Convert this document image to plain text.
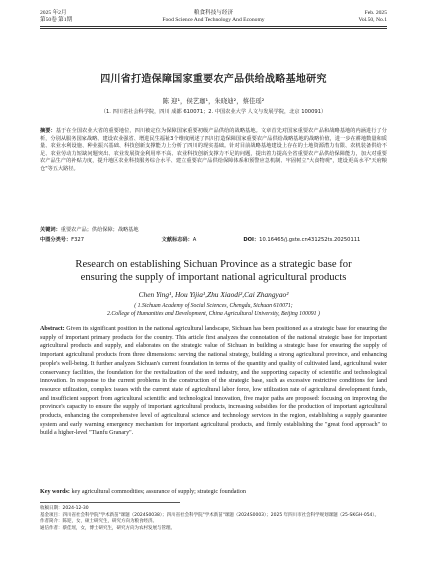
2025 年2月
第50卷 第1期
粮食科技与经济
Food Science And Technology And Economy
Feb. 2025
Vol.50, No.1
四川省打造保障国家重要农产品供给战略基地研究
陈 迎¹，侯艺珈¹，朱晓迪²，蔡佳瑶²
（1. 四川省社会科学院，四川 成都 610071；2. 中国农业大学 人文与发展学院，北京 100091）
摘要：基于在全国农业大省的重要地位，四川被定位为保障国家重要初级产品供给的战略基地。文章首先对国家重要农产品和战略基地的内涵进行了分析，分别从服务国家战略、建设农业强省、增进民生福祉3个维度阐述了四川打造保障国家重要农产品供给战略基地的战略价值，进一步在耕地数量和质量、农业水利设施、种业振兴基础、科技创新支撑能力上分析了四川的现实基础。针对目前战略基地建设上存在的土地资源潜力有限、农机装备供给不足、农业劳动力短缺问题突出、农业发展资金利用率不高、农业科技创新支撑力不足的问题，提出着力提高全省重要农产品供给保障能力，加大对重要农产品生产的补贴力度，提升地区农业科技服务综合水平、建立重要农产品供给保障体系和预警应急机制、牢固树立"大食物观"，建设更高水平"天府粮仓"等五大路径。
关键词：重要农产品；供给保障；战略基地
中图分类号：F327	文献标志码：A	DOI：10.16465/j.gste.cn431252ts.20250111
Research on establishing Sichuan Province as a strategic base for
ensuring the supply of important national agricultural products
Chen Ying¹, Hou Yijia¹,Zhu Xiaodi²,Cai Zhangyao²
( 1.Sichuan Academy of Social Sciences, Chengdu, Sichuan 610071;
2.College of Humanities and Development, China Agricultural University, Beijing 100091 )
Abstract: Given its significant position in the national agricultural landscape, Sichuan has been positioned as a strategic base for ensuring the supply of important primary products for the country. This article first analyzes the connotation of the national strategic base for important agricultural products and supply, and elaborates on the strategic value of Sichuan in building a strategic base for ensuring the supply of important agricultural products from three dimensions: serving the national strategy, building a strong agricultural province, and enhancing people's well-being. It further analyzes Sichuan's current foundation in terms of the quantity and quality of cultivated land, agricultural water conservancy facilities, the foundation for the revitalization of the seed industry, and the supporting capacity of scientific and technological innovation. In response to the current problems in the construction of the strategic base, such as excessive restrictive conditions for land resource utilization, complex issues with the current state of agricultural labor force, low utilization rate of agricultural development funds, and insufficient support from agricultural scientific and technological innovation, five major paths are proposed: focusing on improving the province's capacity to ensure the supply of important agricultural products, increasing subsidies for the production of important agricultural products, enhancing the comprehensive level of agricultural science and technology services in the region, establishing a supply guarantee system and early warning emergency mechanism for important agricultural products, and firmly establishing the "great food approach" to build a higher-level "Tianfu Granary".
Key words: key agricultural commodities; assurance of supply; strategic foundation
收稿日期：2024-12-30
基金项目：四川省社会科学院"学术新苗"课题（2024S0038）；四川省社会科学院"学术新苗"课题（2024S0003）；2025 年四川市社会科学规划课题（25-SKGH-054）。
作者简介：陈迎，女，硕士研究生，研究方向为粮食经济。
通信作者：蔡佳瑶，女，博士研究生，研究方向为农村发展与管理。
